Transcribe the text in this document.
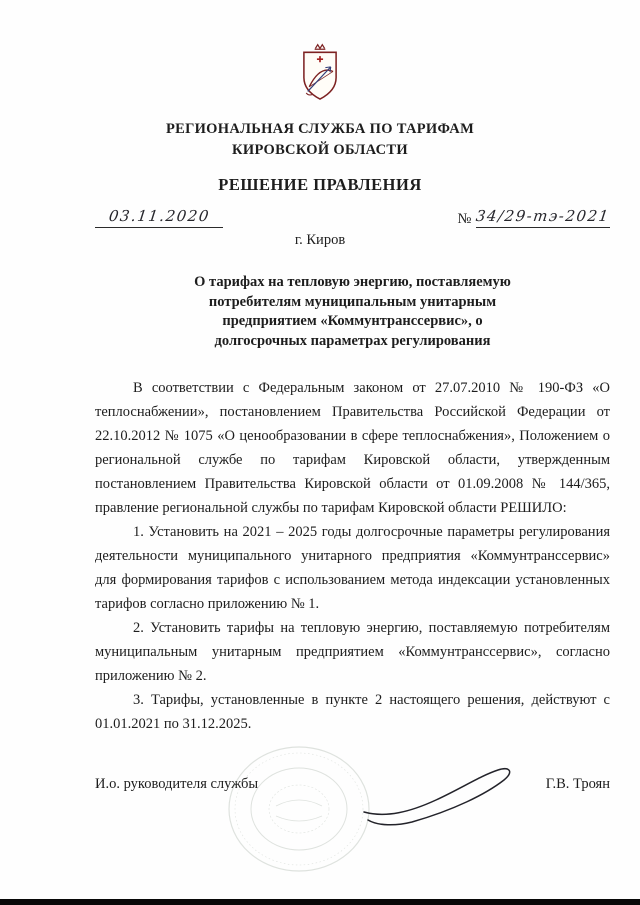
РЕГИОНАЛЬНАЯ СЛУЖБА ПО ТАРИФАМ
КИРОВСКОЙ ОБЛАСТИ
РЕШЕНИЕ ПРАВЛЕНИЯ
03.11.2020	№ 34/29-тэ-2021
г. Киров
О тарифах на тепловую энергию, поставляемую потребителям муниципальным унитарным предприятием «Коммунтранссервис», о долгосрочных параметрах регулирования

В соответствии с Федеральным законом от 27.07.2010 № 190-ФЗ «О теплоснабжении», постановлением Правительства Российской Федерации от 22.10.2012 № 1075 «О ценообразовании в сфере теплоснабжения», Положением о региональной службе по тарифам Кировской области, утвержденным постановлением Правительства Кировской области от 01.09.2008 № 144/365, правление региональной службы по тарифам Кировской области РЕШИЛО:

1. Установить на 2021 – 2025 годы долгосрочные параметры регулирования деятельности муниципального унитарного предприятия «Коммунтранссервис» для формирования тарифов с использованием метода индексации установленных тарифов согласно приложению № 1.

2. Установить тарифы на тепловую энергию, поставляемую потребителям муниципальным унитарным предприятием «Коммунтранссервис», согласно приложению № 2.

3. Тарифы, установленные в пункте 2 настоящего решения, действуют с 01.01.2021 по 31.12.2025.

И.о. руководителя службы	Г.В. Троян
